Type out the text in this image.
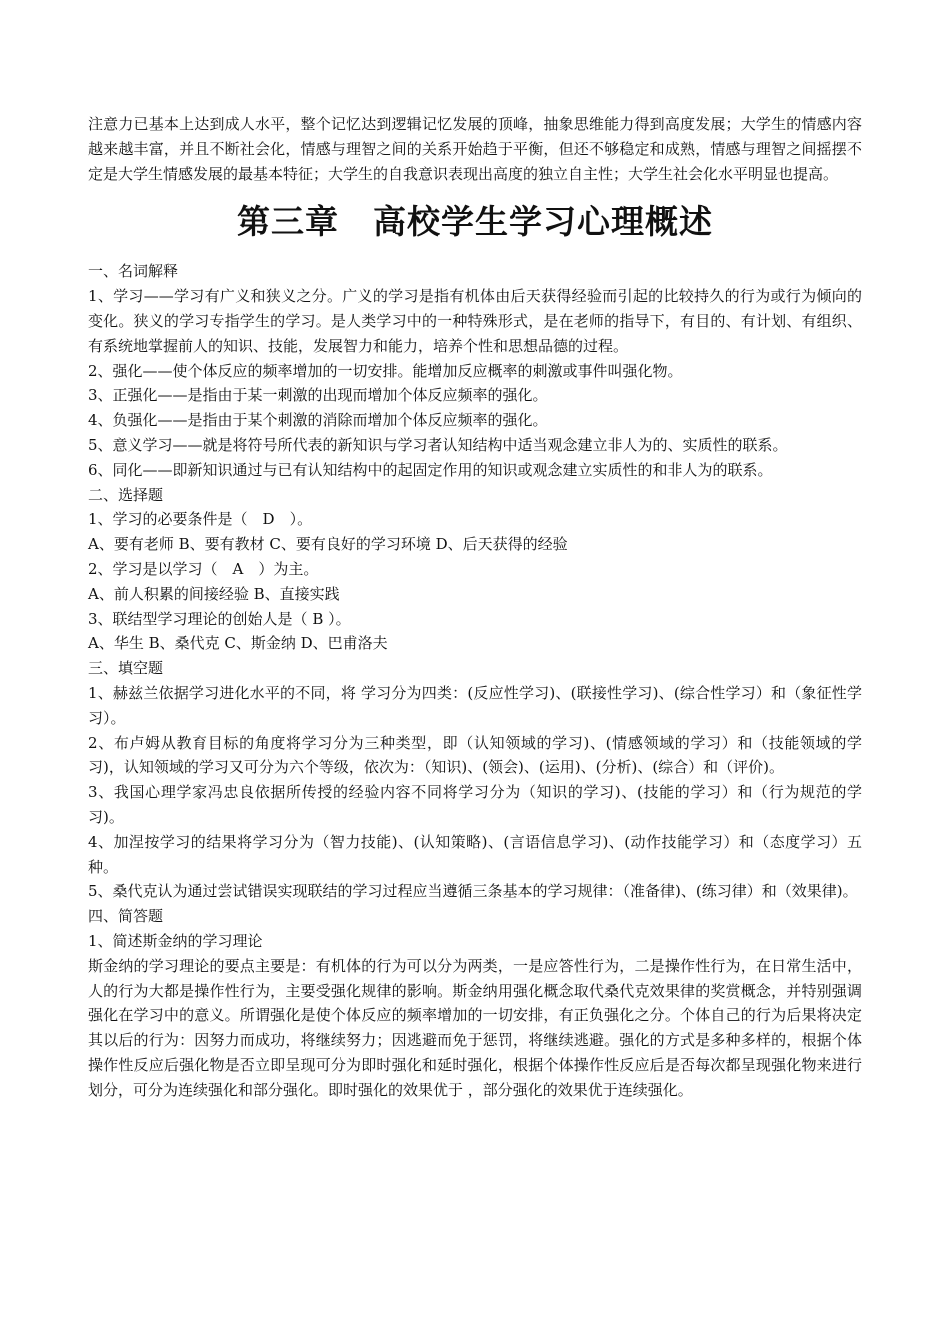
注意力已基本上达到成人水平，整个记忆达到逻辑记忆发展的顶峰，抽象思维能力得到高度发展；大学生的情感内容越来越丰富，并且不断社会化，情感与理智之间的关系开始趋于平衡，但还不够稳定和成熟，情感与理智之间摇摆不定是大学生情感发展的最基本特征；大学生的自我意识表现出高度的独立自主性；大学生社会化水平明显也提高。

第三章　高校学生学习心理概述

一、名词解释

1、学习——学习有广义和狭义之分。广义的学习是指有机体由后天获得经验而引起的比较持久的行为或行为倾向的变化。狭义的学习专指学生的学习。是人类学习中的一种特殊形式，是在老师的指导下，有目的、有计划、有组织、有系统地掌握前人的知识、技能，发展智力和能力，培养个性和思想品德的过程。

2、强化——使个体反应的频率增加的一切安排。能增加反应概率的刺激或事件叫强化物。

3、正强化——是指由于某一刺激的出现而增加个体反应频率的强化。

4、负强化——是指由于某个刺激的消除而增加个体反应频率的强化。

5、意义学习——就是将符号所代表的新知识与学习者认知结构中适当观念建立非人为的、实质性的联系。

6、同化——即新知识通过与已有认知结构中的起固定作用的知识或观念建立实质性的和非人为的联系。

二、选择题

1、学习的必要条件是（　D　）。

A、要有老师 B、要有教材 C、要有良好的学习环境 D、后天获得的经验

2、学习是以学习（　A　）为主。

A、前人积累的间接经验 B、直接实践

3、联结型学习理论的创始人是（ B ）。

A、华生 B、桑代克 C、斯金纳 D、巴甫洛夫

三、填空题

1、赫兹兰依据学习进化水平的不同，将 学习分为四类：(反应性学习)、(联接性学习)、(综合性学习）和（象征性学习）。

2、布卢姆从教育目标的角度将学习分为三种类型，即（认知领域的学习)、(情感领域的学习）和（技能领域的学习)，认知领域的学习又可分为六个等级，依次为：（知识)、(领会)、(运用)、(分析)、(综合）和（评价)。

3、我国心理学家冯忠良依据所传授的经验内容不同将学习分为（知识的学习)、(技能的学习）和（行为规范的学习)。

4、加涅按学习的结果将学习分为（智力技能)、(认知策略)、(言语信息学习)、(动作技能学习）和（态度学习）五种。

5、桑代克认为通过尝试错误实现联结的学习过程应当遵循三条基本的学习规律：（准备律)、(练习律）和（效果律)。

四、简答题

1、简述斯金纳的学习理论

斯金纳的学习理论的要点主要是：有机体的行为可以分为两类，一是应答性行为，二是操作性行为，在日常生活中，人的行为大都是操作性行为，主要受强化规律的影响。斯金纳用强化概念取代桑代克效果律的奖赏概念，并特别强调强化在学习中的意义。所谓强化是使个体反应的频率增加的一切安排，有正负强化之分。个体自己的行为后果将决定其以后的行为：因努力而成功，将继续努力；因逃避而免于惩罚，将继续逃避。强化的方式是多种多样的，根据个体操作性反应后强化物是否立即呈现可分为即时强化和延时强化，根据个体操作性反应后是否每次都呈现强化物来进行划分，可分为连续强化和部分强化。即时强化的效果优于 ，部分强化的效果优于连续强化。
